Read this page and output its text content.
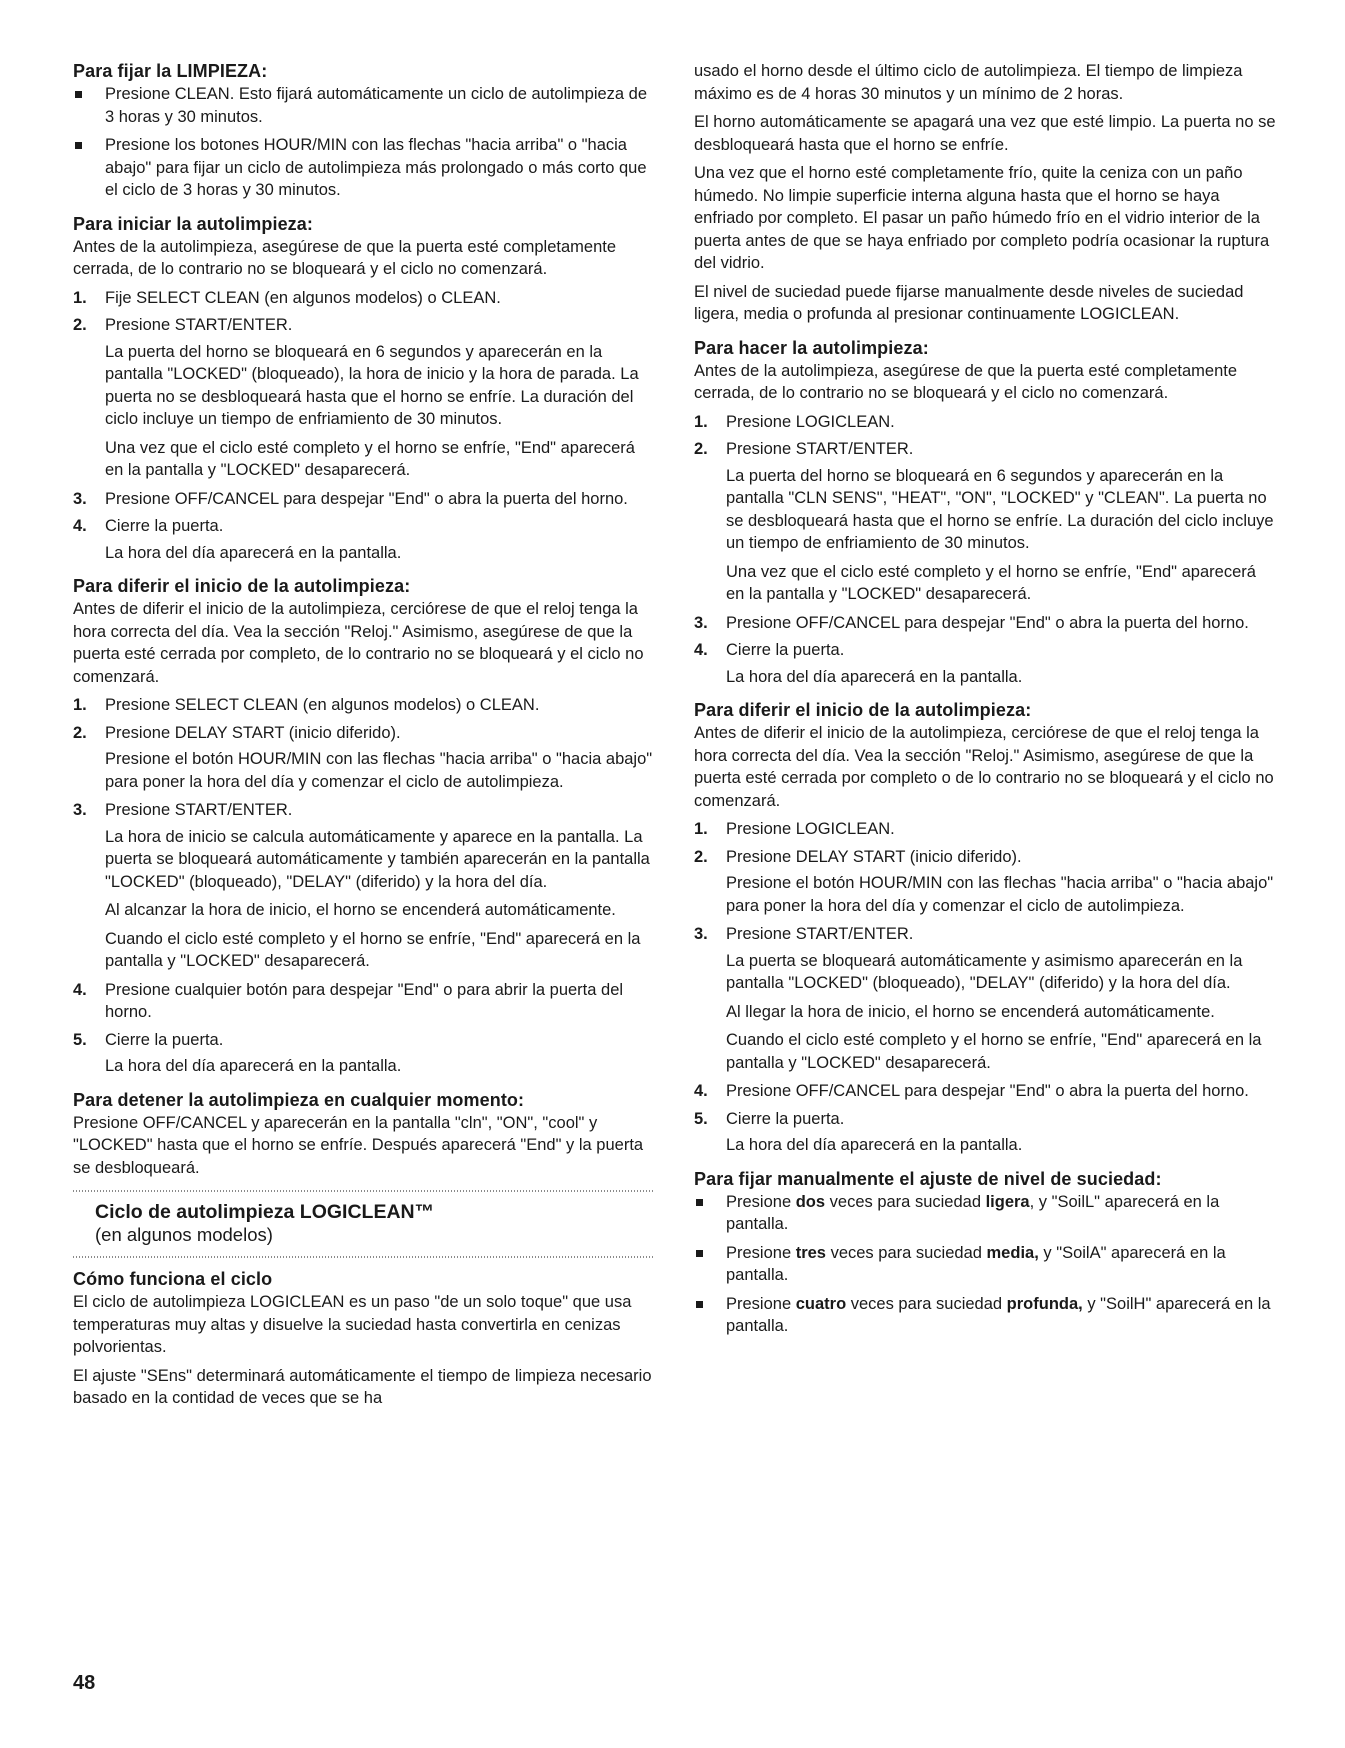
Para fijar la LIMPIEZA:
Presione CLEAN. Esto fijará automáticamente un ciclo de autolimpieza de 3 horas y 30 minutos.
Presione los botones HOUR/MIN con las flechas "hacia arriba" o "hacia abajo" para fijar un ciclo de autolimpieza más prolongado o más corto que el ciclo de 3 horas y 30 minutos.
Para iniciar la autolimpieza:

Antes de la autolimpieza, asegúrese de que la puerta esté completamente cerrada, de lo contrario no se bloqueará y el ciclo no comenzará.

1. Fije SELECT CLEAN (en algunos modelos) o CLEAN.
2. Presione START/ENTER.
La puerta del horno se bloqueará en 6 segundos y aparecerán en la pantalla "LOCKED" (bloqueado), la hora de inicio y la hora de parada. La puerta no se desbloqueará hasta que el horno se enfríe. La duración del ciclo incluye un tiempo de enfriamiento de 30 minutos.
Una vez que el ciclo esté completo y el horno se enfríe, "End" aparecerá en la pantalla y "LOCKED" desaparecerá.
3. Presione OFF/CANCEL para despejar "End" o abra la puerta del horno.
4. Cierre la puerta.
La hora del día aparecerá en la pantalla.
Para diferir el inicio de la autolimpieza:

Antes de diferir el inicio de la autolimpieza, cerciórese de que el reloj tenga la hora correcta del día. Vea la sección "Reloj." Asimismo, asegúrese de que la puerta esté cerrada por completo, de lo contrario no se bloqueará y el ciclo no comenzará.

1. Presione SELECT CLEAN (en algunos modelos) o CLEAN.
2. Presione DELAY START (inicio diferido).
Presione el botón HOUR/MIN con las flechas "hacia arriba" o "hacia abajo" para poner la hora del día y comenzar el ciclo de autolimpieza.
3. Presione START/ENTER.
La hora de inicio se calcula automáticamente y aparece en la pantalla. La puerta se bloqueará automáticamente y también aparecerán en la pantalla "LOCKED" (bloqueado), "DELAY" (diferido) y la hora del día.
Al alcanzar la hora de inicio, el horno se encenderá automáticamente.
Cuando el ciclo esté completo y el horno se enfríe, "End" aparecerá en la pantalla y "LOCKED" desaparecerá.
4. Presione cualquier botón para despejar "End" o para abrir la puerta del horno.
5. Cierre la puerta.
La hora del día aparecerá en la pantalla.
Para detener la autolimpieza en cualquier momento:

Presione OFF/CANCEL y aparecerán en la pantalla "cln", "ON", "cool" y "LOCKED" hasta que el horno se enfríe. Después aparecerá "End" y la puerta se desbloqueará.

Ciclo de autolimpieza LOGICLEAN™
(en algunos modelos)
Cómo funciona el ciclo

El ciclo de autolimpieza LOGICLEAN es un paso "de un solo toque" que usa temperaturas muy altas y disuelve la suciedad hasta convertirla en cenizas polvorientas.

El ajuste "SEns" determinará automáticamente el tiempo de limpieza necesario basado en la contidad de veces que se ha

usado el horno desde el último ciclo de autolimpieza. El tiempo de limpieza máximo es de 4 horas 30 minutos y un mínimo de 2 horas.

El horno automáticamente se apagará una vez que esté limpio. La puerta no se desbloqueará hasta que el horno se enfríe.

Una vez que el horno esté completamente frío, quite la ceniza con un paño húmedo. No limpie superficie interna alguna hasta que el horno se haya enfriado por completo. El pasar un paño húmedo frío en el vidrio interior de la puerta antes de que se haya enfriado por completo podría ocasionar la ruptura del vidrio.

El nivel de suciedad puede fijarse manualmente desde niveles de suciedad ligera, media o profunda al presionar continuamente LOGICLEAN.

Para hacer la autolimpieza:

Antes de la autolimpieza, asegúrese de que la puerta esté completamente cerrada, de lo contrario no se bloqueará y el ciclo no comenzará.

1. Presione LOGICLEAN.
2. Presione START/ENTER.
La puerta del horno se bloqueará en 6 segundos y aparecerán en la pantalla "CLN SENS", "HEAT", "ON", "LOCKED" y "CLEAN". La puerta no se desbloqueará hasta que el horno se enfríe. La duración del ciclo incluye un tiempo de enfriamiento de 30 minutos.
Una vez que el ciclo esté completo y el horno se enfríe, "End" aparecerá en la pantalla y "LOCKED" desaparecerá.
3. Presione OFF/CANCEL para despejar "End" o abra la puerta del horno.
4. Cierre la puerta.
La hora del día aparecerá en la pantalla.
Para diferir el inicio de la autolimpieza:

Antes de diferir el inicio de la autolimpieza, cerciórese de que el reloj tenga la hora correcta del día. Vea la sección "Reloj." Asimismo, asegúrese de que la puerta esté cerrada por completo o de lo contrario no se bloqueará y el ciclo no comenzará.

1. Presione LOGICLEAN.
2. Presione DELAY START (inicio diferido).
Presione el botón HOUR/MIN con las flechas "hacia arriba" o "hacia abajo" para poner la hora del día y comenzar el ciclo de autolimpieza.
3. Presione START/ENTER.
La puerta se bloqueará automáticamente y asimismo aparecerán en la pantalla "LOCKED" (bloqueado), "DELAY" (diferido) y la hora del día.
Al llegar la hora de inicio, el horno se encenderá automáticamente.
Cuando el ciclo esté completo y el horno se enfríe, "End" aparecerá en la pantalla y "LOCKED" desaparecerá.
4. Presione OFF/CANCEL para despejar "End" o abra la puerta del horno.
5. Cierre la puerta.
La hora del día aparecerá en la pantalla.
Para fijar manualmente el ajuste de nivel de suciedad:
Presione dos veces para suciedad ligera, y "SoilL" aparecerá en la pantalla.
Presione tres veces para suciedad media, y "SoilA" aparecerá en la pantalla.
Presione cuatro veces para suciedad profunda, y "SoilH" aparecerá en la pantalla.
48
